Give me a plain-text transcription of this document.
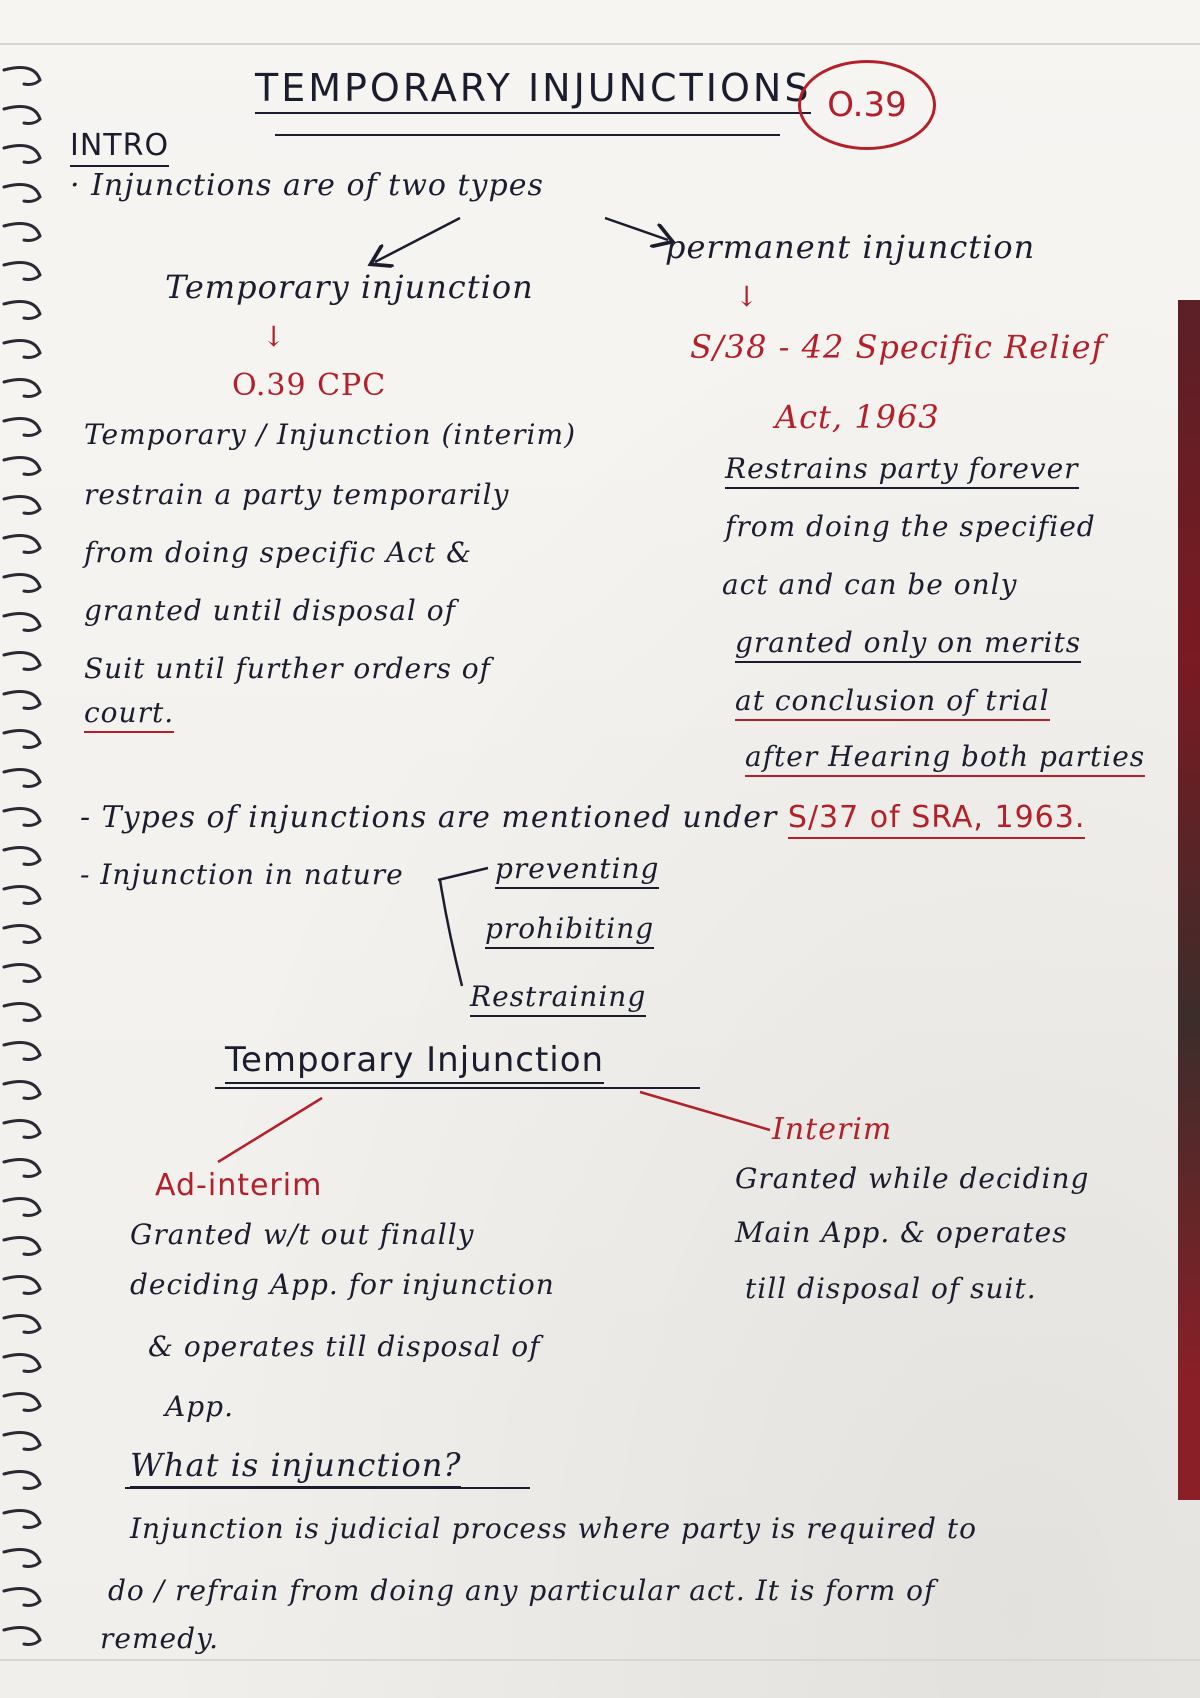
TEMPORARY INJUNCTIONS O.39
INTRO
· Injunctions are of two types
Temporary injunction
↓
O.39 CPC
Temporary / Injunction (interim)
restrain a party temporarily
from doing specific Act &
granted until disposal of
Suit until further orders of
court.
permanent injunction
↓
S/38 - 42 Specific Relief
Act, 1963
Restrains party forever
from doing the specified
act and can be only
granted only on merits
at conclusion of trial
after Hearing both parties
- Types of injunctions are mentioned under S/37 of SRA, 1963.
- Injunction in nature	preventing
prohibiting
Restraining
Temporary Injunction
Ad-interim
Granted w/t out finally
deciding App. for injunction
& operates till disposal of
App.
Interim
Granted while deciding
Main App. & operates
till disposal of suit.
What is injunction?
Injunction is judicial process where party is required to
do / refrain from doing any particular act. It is form of
remedy.
